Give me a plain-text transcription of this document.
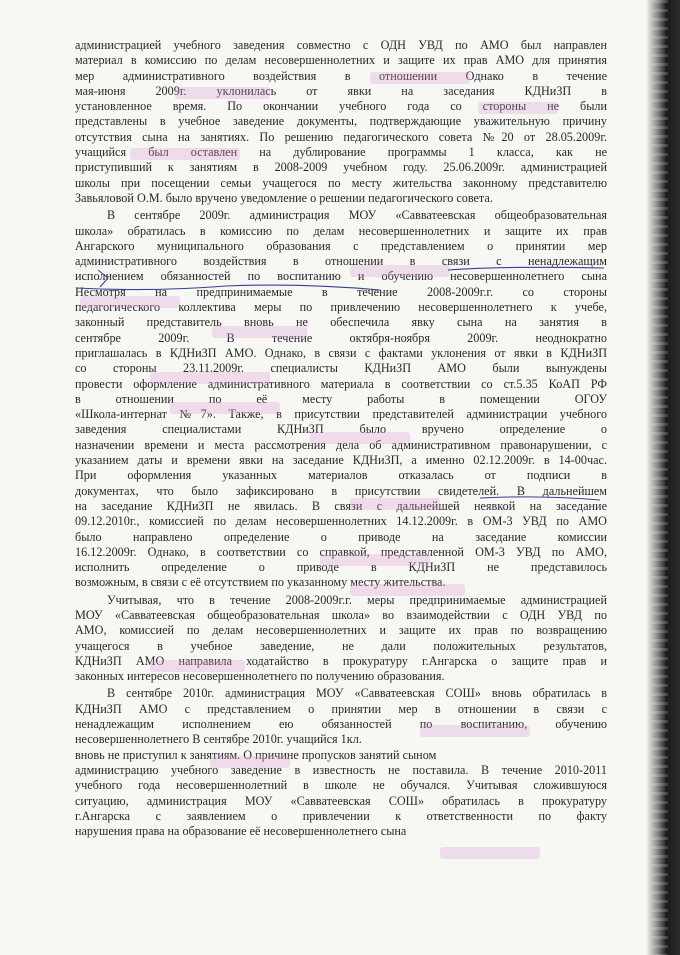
администрацией учебного заведения совместно с ОДН УВД по АМО был направлен
материал в комиссию по делам несовершеннолетних и защите их прав АМО для принятия
мер административного воздействия в отношении Однако в течение
мая-июня 2009г. уклонилась от явки на заседания КДНиЗП в
установленное время. По окончании учебного года со стороны не были
представлены в учебное заведение документы, подтверждающие уважительную причину
отсутствия сына на занятиях. По решению педагогического совета №20 от 28.05.2009г.
учащийся был оставлен на дублирование программы 1 класса, как не
приступивший к занятиям в 2008-2009 учебном году. 25.06.2009г. администрацией
школы при посещении семьи учащегося по месту жительства законному представителю
Завьяловой О.М. было вручено уведомление о решении педагогического совета.
В сентябре 2009г. администрация МОУ «Савватеевская общеобразовательная
школа» обратилась в комиссию по делам несовершеннолетних и защите их прав
Ангарского муниципального образования с представлением о принятии мер
административного воздействия в отношении в связи с ненадлежащим
исполнением обязанностей по воспитанию и обучению несовершеннолетнего сына
Несмотря на предпринимаемые в течение 2008-2009г.г. со стороны
педагогического коллектива меры по привлечению несовершеннолетнего к учебе,
законный представитель вновь не обеспечила явку сына на занятия в
сентябре 2009г. В течение октября-ноября 2009г. неоднократно
приглашалась в КДНиЗП АМО. Однако, в связи с фактами уклонения от явки в КДНиЗП
со стороны 23.11.2009г. специалисты КДНиЗП АМО были вынуждены
провести оформление административного материала в соответствии со ст.5.35 КоАП РФ
в отношении по её месту работы в помещении ОГОУ
«Школа-интернат №7». Также, в присутствии представителей администрации учебного
заведения специалистами КДНиЗП было вручено определение о
назначении времени и места рассмотрения дела об административном правонарушении, с
указанием даты и времени явки на заседание КДНиЗП, а именно 02.12.2009г. в 14-00час.
При оформления указанных материалов отказалась от подписи в
документах, что было зафиксировано в присутствии свидетелей. В дальнейшем
на заседание КДНиЗП не явилась. В связи с дальнейшей неявкой на заседание
09.12.2010г., комиссией по делам несовершеннолетних 14.12.2009г. в ОМ-3 УВД по АМО
было направлено определение о приводе на заседание комиссии
16.12.2009г. Однако, в соответствии со справкой, представленной ОМ-3 УВД по АМО,
исполнить определение о приводе в КДНиЗП не представилось
возможным, в связи с её отсутствием по указанному месту жительства.
Учитывая, что в течение 2008-2009г.г. меры предпринимаемые администрацией
МОУ «Савватеевская общеобразовательная школа» во взаимодействии с ОДН УВД по
АМО, комиссией по делам несовершеннолетних и защите их прав по возвращению
учащегося в учебное заведение, не дали положительных результатов,
КДНиЗП АМО направила ходатайство в прокуратуру г.Ангарска о защите прав и
законных интересов несовершеннолетнего по получению образования.
В сентябре 2010г. администрация МОУ «Савватеевская СОШ» вновь обратилась в
КДНиЗП АМО с представлением о принятии мер в отношении в связи с
ненадлежащим исполнением ею обязанностей по воспитанию, обучению
несовершеннолетнего В сентябре 2010г. учащийся 1кл.
вновь не приступил к занятиям. О причине пропусков занятий сыном
администрацию учебного заведение в известность не поставила. В течение 2010-2011
учебного года несовершеннолетний в школе не обучался. Учитывая сложившуюся
ситуацию, администрация МОУ «Савватеевская СОШ» обратилась в прокуратуру
г.Ангарска с заявлением о привлечении к ответственности по факту
нарушения права на образование её несовершеннолетнего сына
